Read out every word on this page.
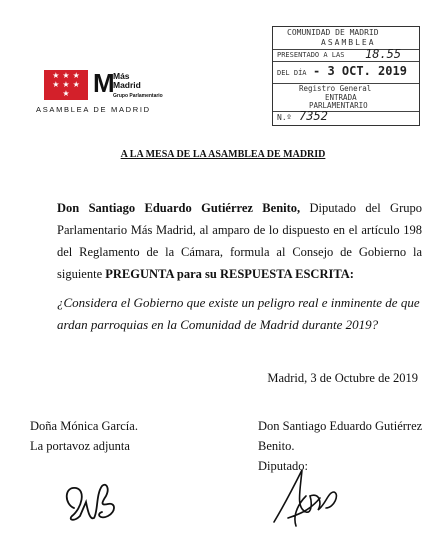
★ ★ ★
★ ★ ★
★
ASAMBLEA DE MADRID
M
Más
Madrid
Grupo Parlamentario
COMUNIDAD DE MADRID
ASAMBLEA
PRESENTADO A LAS 18.55
DEL DÍA - 3 OCT. 2019
Registro General
ENTRADA
PARLAMENTARIO
N.º 7352
A LA MESA DE LA ASAMBLEA DE MADRID
Don Santiago Eduardo Gutiérrez Benito, Diputado del Grupo Parlamentario Más Madrid, al amparo de lo dispuesto en el artículo 198 del Reglamento de la Cámara, formula al Consejo de Gobierno la siguiente PREGUNTA para su RESPUESTA ESCRITA:
¿Considera el Gobierno que existe un peligro real e inminente de que ardan parroquias en la Comunidad de Madrid durante 2019?
Madrid, 3 de Octubre de 2019
Doña Mónica García.
La portavoz adjunta
Don Santiago Eduardo Gutiérrez Benito.
Diputado:
